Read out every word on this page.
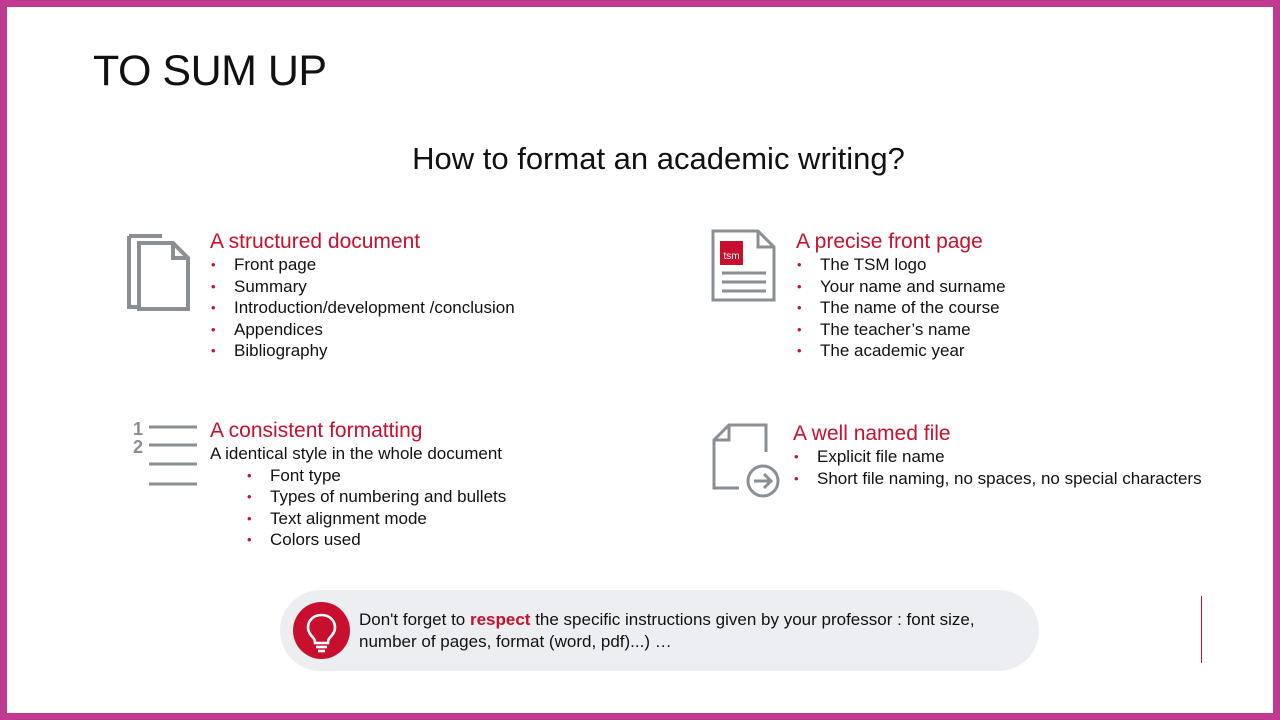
TO SUM UP
How to format an academic writing?
A structured document
• Front page
• Summary
• Introduction/development /conclusion
• Appendices
• Bibliography
tsm
A precise front page
• The TSM logo
• Your name and surname
• The name of the course
• The teacher’s name
• The academic year
1
2
A consistent formatting
A identical style in the whole document
• Font type
• Types of numbering and bullets
• Text alignment mode
• Colors used
A well named file
• Explicit file name
• Short file naming, no spaces, no special characters
Don't forget to respect the specific instructions given by your professor : font size, number of pages, format (word, pdf)...) …
